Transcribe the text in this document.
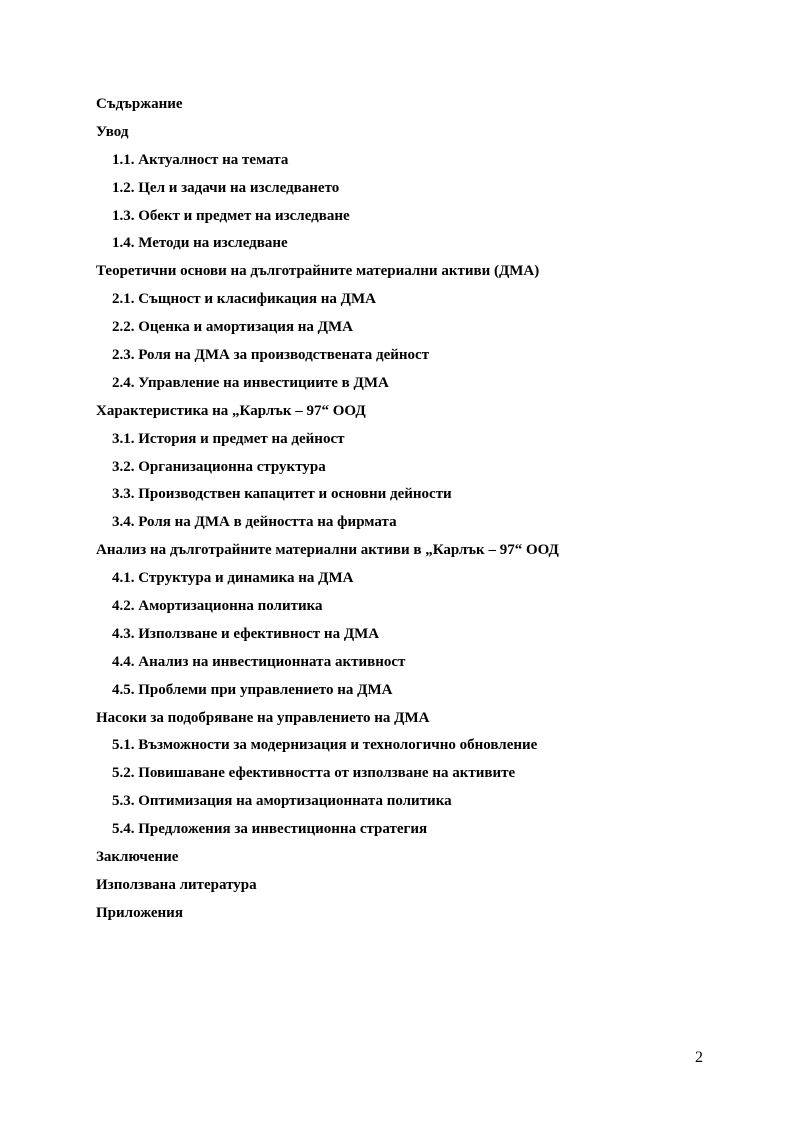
Съдържание
Увод
1.1. Актуалност на темата
1.2. Цел и задачи на изследването
1.3. Обект и предмет на изследване
1.4. Методи на изследване
Теоретични основи на дълготрайните материални активи (ДМА)
2.1. Същност и класификация на ДМА
2.2. Оценка и амортизация на ДМА
2.3. Роля на ДМА за производствената дейност
2.4. Управление на инвестициите в ДМА
Характеристика на „Карлък – 97“ ООД
3.1. История и предмет на дейност
3.2. Организационна структура
3.3. Производствен капацитет и основни дейности
3.4. Роля на ДМА в дейността на фирмата
Анализ на дълготрайните материални активи в „Карлък – 97“ ООД
4.1. Структура и динамика на ДМА
4.2. Амортизационна политика
4.3. Използване и ефективност на ДМА
4.4. Анализ на инвестиционната активност
4.5. Проблеми при управлението на ДМА
Насоки за подобряване на управлението на ДМА
5.1. Възможности за модернизация и технологично обновление
5.2. Повишаване ефективността от използване на активите
5.3. Оптимизация на амортизационната политика
5.4. Предложения за инвестиционна стратегия
Заключение
Използвана литература
Приложения
2
